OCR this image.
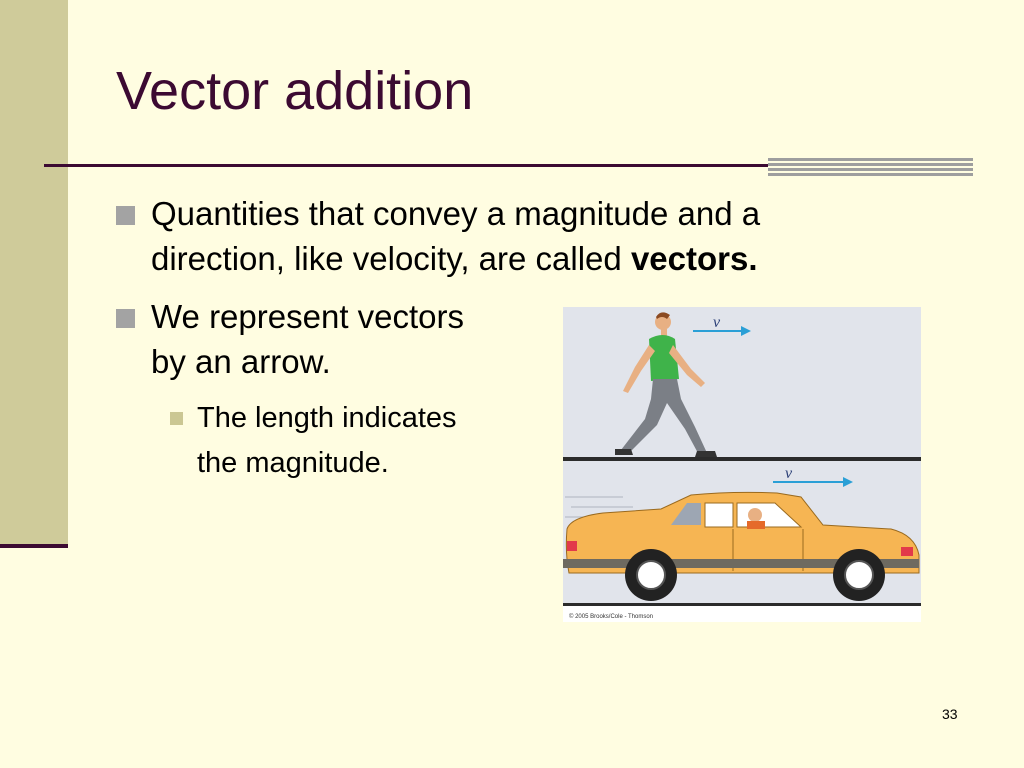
Vector addition
Quantities that convey a magnitude and a
direction, like velocity, are called vectors.
We represent vectors
by an arrow.
The length indicates
the magnitude.
v
v
© 2005 Brooks/Cole - Thomson
33
